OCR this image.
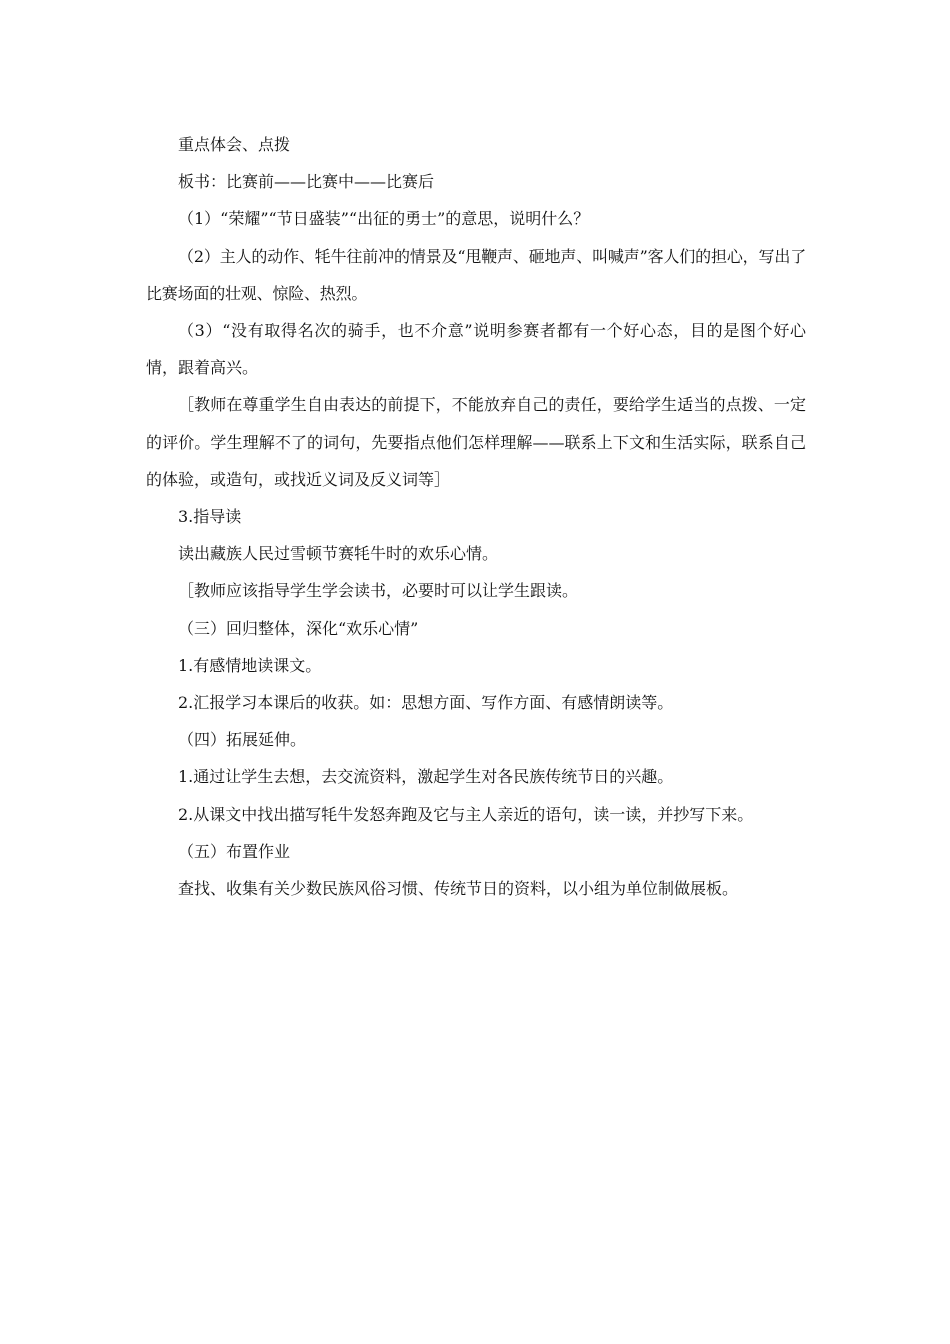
重点体会、点拨

板书：比赛前——比赛中——比赛后

（1）“荣耀”“节日盛装”“出征的勇士”的意思，说明什么？

（2）主人的动作、牦牛往前冲的情景及“甩鞭声、砸地声、叫喊声”客人们的担心，写出了比赛场面的壮观、惊险、热烈。

（3）“没有取得名次的骑手，也不介意”说明参赛者都有一个好心态，目的是图个好心情，跟着高兴。

［教师在尊重学生自由表达的前提下，不能放弃自己的责任，要给学生适当的点拨、一定的评价。学生理解不了的词句，先要指点他们怎样理解——联系上下文和生活实际，联系自己的体验，或造句，或找近义词及反义词等］

3.指导读

读出藏族人民过雪顿节赛牦牛时的欢乐心情。

［教师应该指导学生学会读书，必要时可以让学生跟读。

（三）回归整体，深化“欢乐心情”

1.有感情地读课文。

2.汇报学习本课后的收获。如：思想方面、写作方面、有感情朗读等。

（四）拓展延伸。

1.通过让学生去想，去交流资料，激起学生对各民族传统节日的兴趣。

2.从课文中找出描写牦牛发怒奔跑及它与主人亲近的语句，读一读，并抄写下来。

（五）布置作业

查找、收集有关少数民族风俗习惯、传统节日的资料，以小组为单位制做展板。
